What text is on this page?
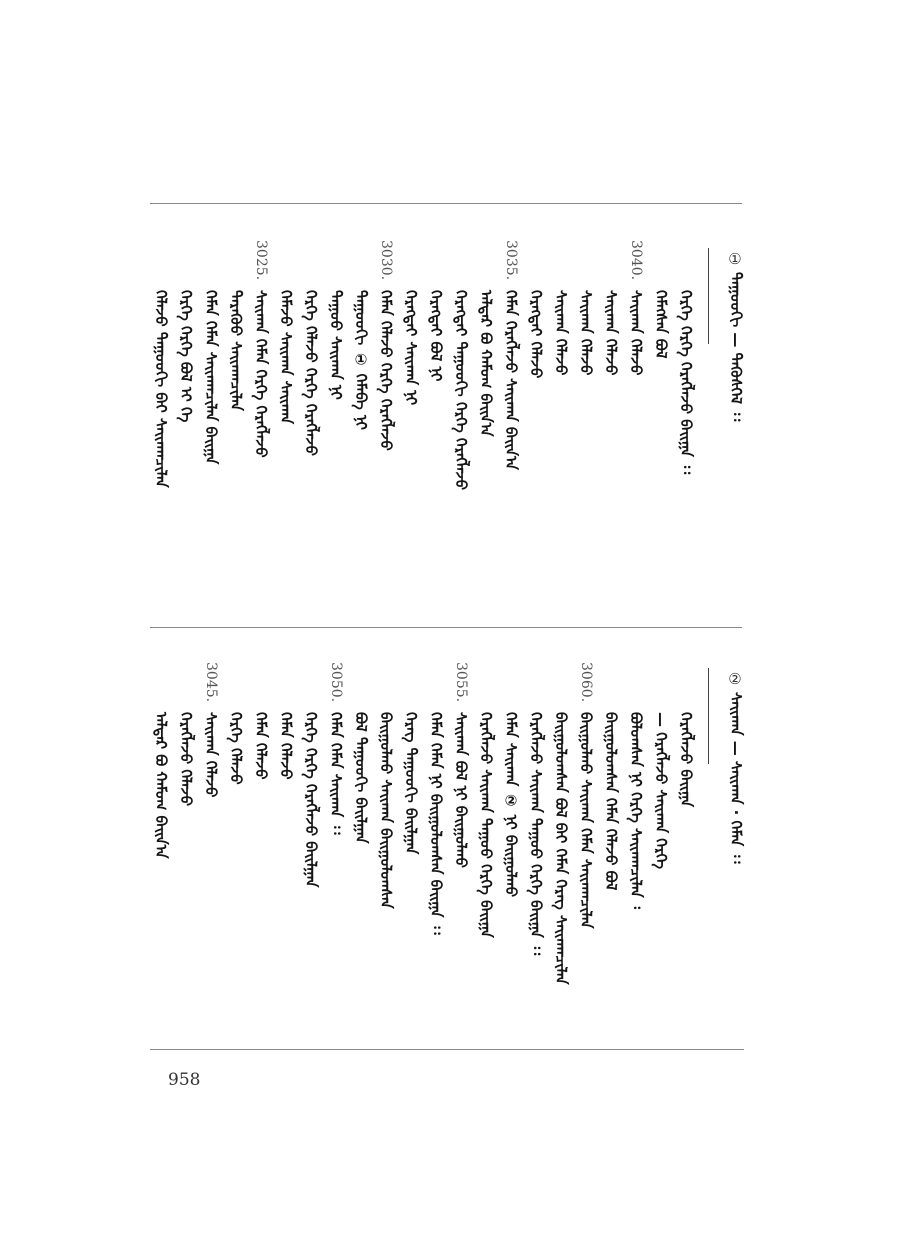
①
ᠳᠠᠭᠤᠤᠬᠢ — ᠲᠡᠭᠦᠰᠬᠡᠯ ᠄᠄
3040.
3035.
3030.
3025.
ᠬᠡᠷᠭᠡ ᠬᠡᠷᠭᠡ ᠬᠡᠷᠡᠭᠯᠡᠵᠦ ᠪᠠᠢᠭᠠ ᠄᠄
ᠬᠡᠮᠡᠭᠰᠡᠨ ᠪᠣᠯ
ᠰᠠᠢᠬᠠᠨ ᠬᠡᠯᠡᠵᠦ
ᠰᠠᠢᠬᠠᠨ ᠬᠡᠯᠡᠵᠦ
ᠰᠠᠢᠬᠠᠨ ᠬᠡᠯᠡᠵᠦ
ᠰᠠᠢᠬᠠᠨ ᠬᠡᠯᠡᠵᠦ
ᠬᠡᠷᠡᠭᠲᠡᠢ ᠬᠡᠯᠡᠵᠦ
ᠬᠡᠮᠡᠨ ᠬᠡᠷᠡᠭᠯᠡᠵᠦ ᠰᠠᠢᠬᠠᠨ ᠪᠠᠢᠨ᠎ᠠ
ᠠᠯᠳᠠᠷ ᠪᠣ ᠬᠠᠮᠤᠭ ᠪᠠᠢᠨ᠎ᠠ
ᠬᠡᠷᠡᠭᠲᠡᠢ ᠳᠠᠭᠤᠤᠬᠢ ᠬᠡᠷᠭᠡ ᠬᠡᠷᠡᠭᠯᠡᠵᠦ
ᠬᠡᠷᠡᠭᠲᠡᠢ ᠪᠣᠯ ᠨᠢ
ᠬᠡᠷᠡᠭᠲᠡᠢ ᠰᠠᠢᠬᠠᠨ ᠨᠢ
ᠬᠡᠮᠡᠨ ᠬᠡᠯᠡᠵᠦ ᠬᠡᠷᠭᠡ ᠬᠡᠷᠡᠭᠯᠡᠵᠦ
ᠳᠠᠭᠤᠤᠬᠢ ① ᠬᠡᠮᠡᠪᠡ ᠨᠢ
ᠳᠠᠭᠤᠤ ᠰᠠᠢᠬᠠᠨ ᠨᠢ
ᠬᠡᠷᠭᠡ ᠬᠡᠯᠡᠵᠦ ᠬᠡᠷᠭᠡ ᠬᠡᠷᠡᠭᠯᠡᠵᠦ
ᠬᠡᠮᠡᠵᠦ ᠰᠠᠢᠬᠠᠨ ᠰᠠᠢᠬᠠᠨ
ᠰᠠᠢᠬᠠᠨ ᠬᠡᠮᠡᠨ ᠬᠡᠷᠭᠡ ᠬᠡᠷᠡᠭᠯᠡᠵᠦ
ᠲᠡᠷᠡᠭᠦᠦ ᠰᠠᠢᠬᠠᠨᠴᠢᠯᠠᠨ
ᠬᠡᠮᠡᠨ ᠬᠡᠮᠡᠨ ᠰᠠᠢᠬᠠᠨᠴᠢᠯᠠᠨ ᠪᠠᠢᠭᠠ
ᠬᠡᠷᠭᠡ ᠬᠡᠷᠭᠡ ᠪᠣᠯ ᠢ ᠬᠡ
ᠬᠡᠯᠡᠵᠦ ᠳᠠᠭᠤᠤᠬᠢ ᠪᠠᠢ ᠰᠠᠢᠬᠠᠨᠴᠢᠯᠠᠨ
②
ᠰᠠᠢᠬᠠᠨ — ᠰᠠᠢᠬᠠᠨ · ᠬᠡᠮᠡᠨ ᠄᠄
3060.
3055.
3050.
3045.
ᠬᠡᠷᠡᠭᠯᠡᠵᠦ ᠪᠠᠢᠭᠠ
— ᠬᠡᠷᠡᠭᠯᠡᠵᠦ ᠰᠠᠢᠬᠠᠨ ᠬᠡᠷᠭᠡ
ᠪᠣᠯᠤᠭᠰᠠᠨ ᠨᠢ ᠬᠡᠷᠭᠡ ᠰᠠᠢᠬᠠᠨᠴᠢᠯᠠᠨ ᠄
ᠪᠠᠢᠭᠤᠯᠤᠭᠰᠠᠨ ᠬᠡᠮᠡᠨ ᠬᠡᠯᠡᠵᠦ ᠪᠣᠯ
ᠪᠠᠢᠭᠤᠯᠬᠤ ᠰᠠᠢᠬᠠᠨ ᠬᠡᠮᠡᠨ ᠰᠠᠢᠬᠠᠨᠴᠢᠯᠠᠨ
ᠪᠠᠢᠭᠤᠯᠤᠭᠰᠠᠨ ᠪᠣᠯ ᠪᠠᠢ ᠬᠡᠮᠡᠨ ᠬᠡᠷᠡᠭ ᠰᠠᠢᠬᠠᠨᠴᠢᠯᠠᠨ
ᠬᠡᠷᠡᠭᠯᠡᠵᠦ ᠰᠠᠢᠬᠠᠨ ᠳᠠᠭᠤᠤ ᠬᠡᠷᠭᠡ ᠪᠠᠢᠭᠠ ᠄᠄
ᠬᠡᠮᠡᠨ ᠰᠠᠢᠬᠠᠨ ② ᠨᠢ ᠪᠠᠢᠭᠤᠯᠬᠤ
ᠬᠡᠷᠡᠭᠯᠡᠵᠦ ᠰᠠᠢᠬᠠᠨ ᠳᠠᠭᠤᠤ ᠬᠡᠷᠭᠡ ᠪᠠᠢᠭᠠ
ᠰᠠᠢᠬᠠᠨ ᠪᠣᠯ ᠨᠢ ᠪᠠᠢᠭᠤᠯᠬᠤ
ᠬᠡᠮᠡᠨ ᠬᠡᠮᠡᠨ ᠨᠢ ᠪᠠᠢᠭᠤᠯᠤᠭᠰᠠᠨ ᠪᠠᠢᠭᠠ ᠄᠄
ᠬᠡᠷᠡᠭ ᠳᠠᠭᠤᠤᠬᠢ ᠪᠠᠢᠯᠭᠠᠨ
ᠪᠠᠢᠭᠤᠯᠬᠤ ᠰᠠᠢᠬᠠᠨ ᠪᠠᠢᠭᠤᠯᠤᠭᠰᠠᠨ
ᠪᠣᠯ ᠳᠠᠭᠤᠤᠬᠢ ᠪᠠᠢᠯᠭᠠᠨ
ᠬᠡᠮᠡᠨ ᠬᠡᠮᠡᠨ ᠰᠠᠢᠬᠠᠨ ᠄᠄
ᠬᠡᠷᠭᠡ ᠬᠡᠷᠭᠡ ᠬᠡᠷᠡᠭᠯᠡᠵᠦ ᠪᠠᠢᠯᠭᠠᠨ
ᠬᠡᠮᠡᠨ ᠬᠡᠯᠡᠵᠦ
ᠬᠡᠮᠡᠨ ᠬᠡᠯᠡᠵᠦ
ᠬᠡᠷᠭᠡ ᠬᠡᠯᠡᠵᠦ
ᠰᠠᠢᠬᠠᠨ ᠬᠡᠯᠡᠵᠦ
ᠬᠡᠷᠡᠭᠯᠡᠵᠦ ᠬᠡᠯᠡᠵᠦ
ᠠᠯᠳᠠᠷ ᠪᠣ ᠬᠠᠮᠤᠭ ᠪᠠᠢᠨ᠎ᠠ
958
